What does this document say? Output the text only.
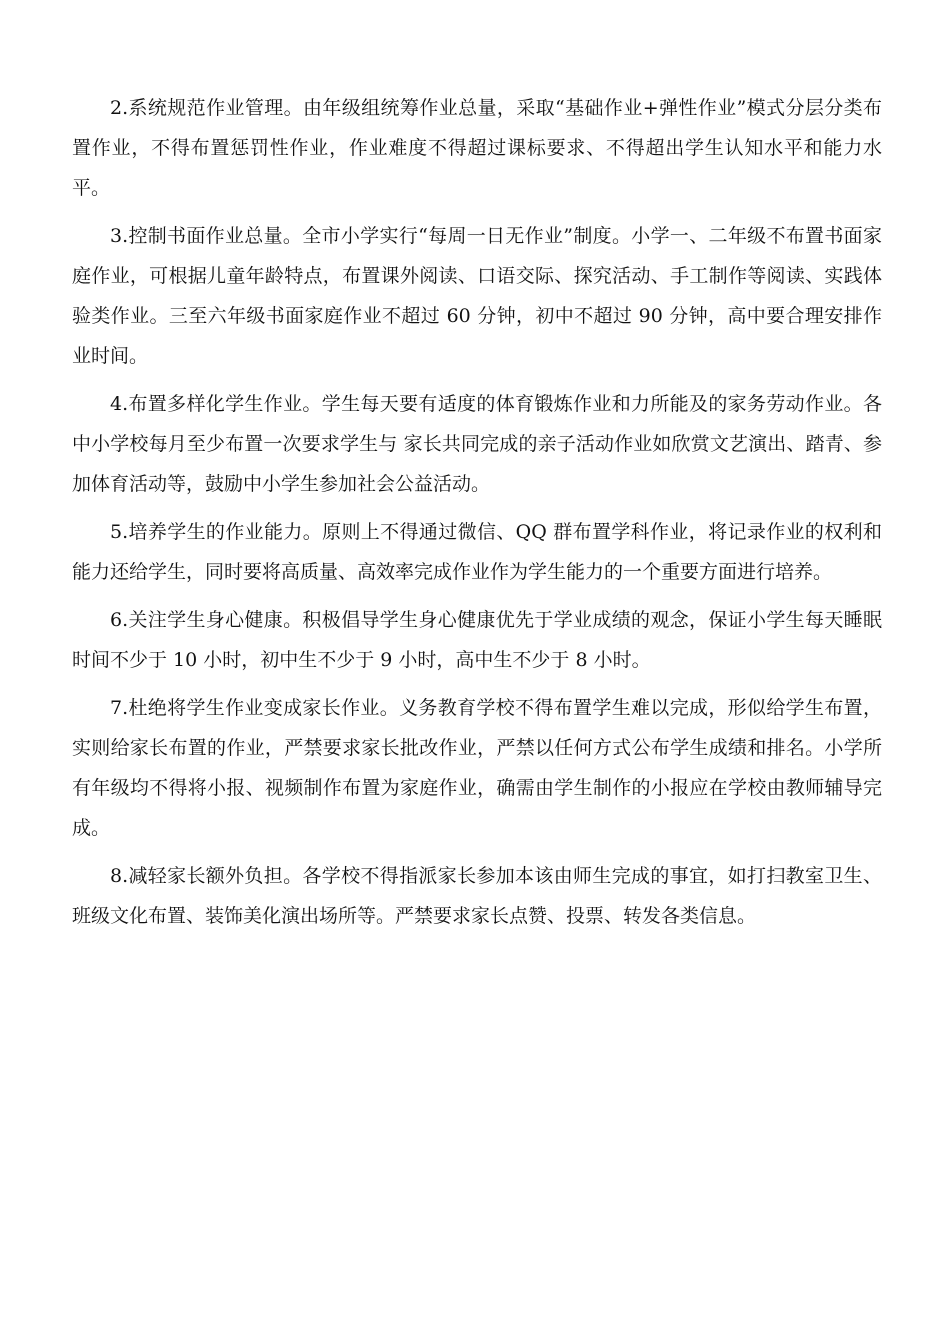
2.系统规范作业管理。由年级组统筹作业总量，采取“基础作业+弹性作业”模式分层分类布置作业，不得布置惩罚性作业，作业难度不得超过课标要求、不得超出学生认知水平和能力水平。

3.控制书面作业总量。全市小学实行“每周一日无作业”制度。小学一、二年级不布置书面家庭作业，可根据儿童年龄特点，布置课外阅读、口语交际、探究活动、手工制作等阅读、实践体验类作业。三至六年级书面家庭作业不超过 60 分钟，初中不超过 90 分钟，高中要合理安排作业时间。

4.布置多样化学生作业。学生每天要有适度的体育锻炼作业和力所能及的家务劳动作业。各中小学校每月至少布置一次要求学生与 家长共同完成的亲子活动作业如欣赏文艺演出、踏青、参加体育活动等，鼓励中小学生参加社会公益活动。

5.培养学生的作业能力。原则上不得通过微信、QQ 群布置学科作业，将记录作业的权利和能力还给学生，同时要将高质量、高效率完成作业作为学生能力的一个重要方面进行培养。

6.关注学生身心健康。积极倡导学生身心健康优先于学业成绩的观念，保证小学生每天睡眠时间不少于 10 小时，初中生不少于 9 小时，高中生不少于 8 小时。

7.杜绝将学生作业变成家长作业。义务教育学校不得布置学生难以完成，形似给学生布置，实则给家长布置的作业，严禁要求家长批改作业，严禁以任何方式公布学生成绩和排名。小学所有年级均不得将小报、视频制作布置为家庭作业，确需由学生制作的小报应在学校由教师辅导完成。

8.减轻家长额外负担。各学校不得指派家长参加本该由师生完成的事宜，如打扫教室卫生、班级文化布置、装饰美化演出场所等。严禁要求家长点赞、投票、转发各类信息。
